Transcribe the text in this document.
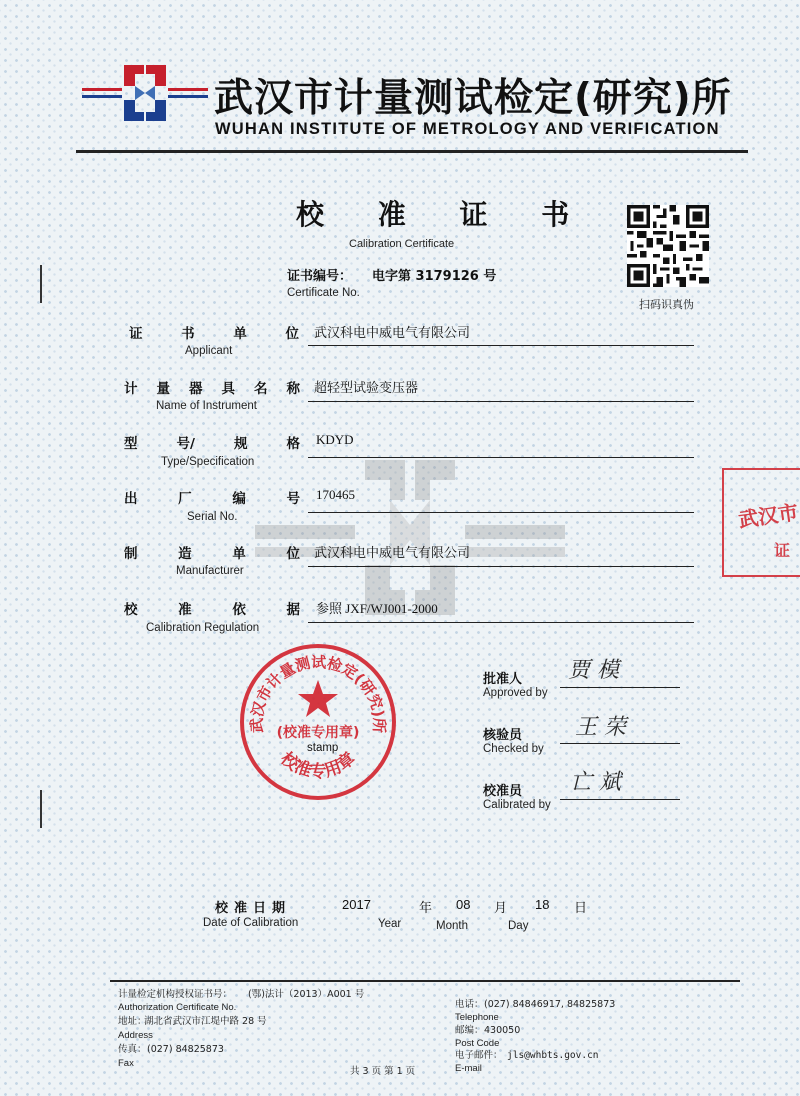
武汉市计量测试检定(研究)所
WUHAN INSTITUTE OF METROLOGY AND VERIFICATION
校 准 证 书
Calibration Certificate
证书编号： 电字第 3179126 号
Certificate No.
扫码识真伪
证	书	单	位
Applicant
武汉科电中威电气有限公司
计 量 器 具 名 称
Name of Instrument
超轻型试验变压器
型	号/	规	格
Type/Specification
KDYD
出	厂	编	号
Serial No.
170465
制	造	单	位
Manufacturer
武汉科电中威电气有限公司
校	准	依	据
Calibration Regulation
参照 JXF/WJ001-2000
武汉市计量测试检定(研究)所
(校准专用章)
校准专用章
stamp
武汉市
证
批准人
Approved by
贾 模
核验员
Checked by
王 荣
校准员
Calibrated by
亡 斌
校准日期
Date of Calibration
2017	年
Year
08 月
Month
18 日
Day
计量检定机构授权证书号： (鄂)法计（2013）A001 号
Authorization Certificate No.
地址：
湖北省武汉市江堤中路 28 号
Address
传真： (027) 84825873
Fax
电话： (027) 84846917, 84825873
Telephone
邮编： 430050
Post Code
电子邮件： jls@whbts.gov.cn
E-mail
共 3 页 第 1 页
